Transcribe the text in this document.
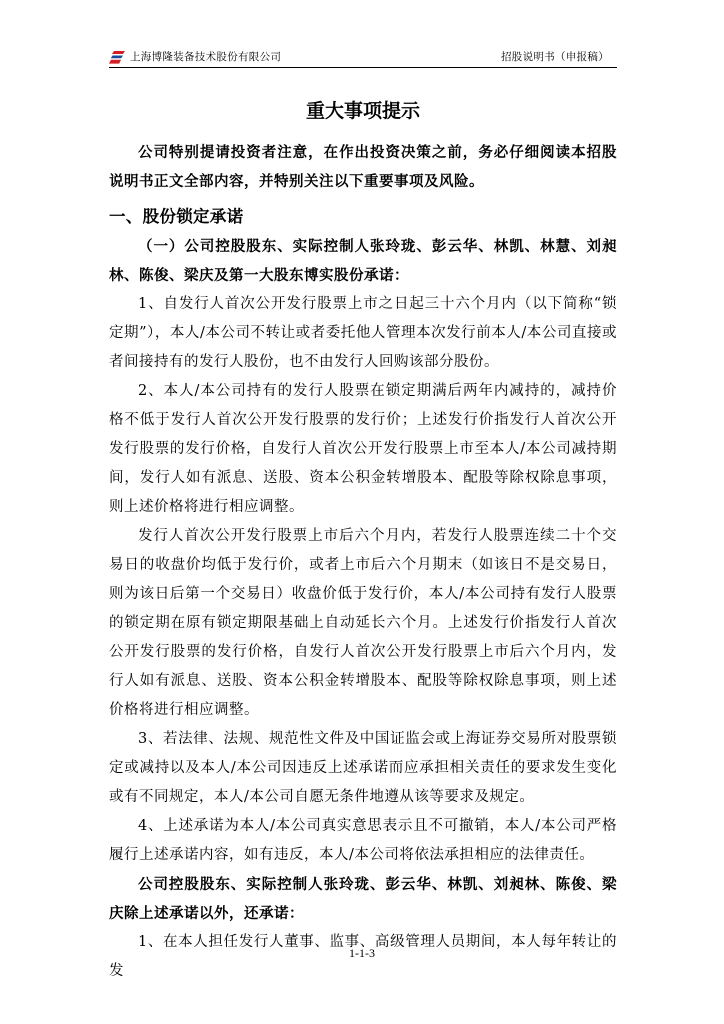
上海博隆装备技术股份有限公司	招股说明书（申报稿）
重大事项提示

公司特别提请投资者注意，在作出投资决策之前，务必仔细阅读本招股说明书正文全部内容，并特别关注以下重要事项及风险。

一、股份锁定承诺

（一）公司控股股东、实际控制人张玲珑、彭云华、林凯、林慧、刘昶林、陈俊、梁庆及第一大股东博实股份承诺：

1、自发行人首次公开发行股票上市之日起三十六个月内（以下简称“锁定期”），本人/本公司不转让或者委托他人管理本次发行前本人/本公司直接或者间接持有的发行人股份，也不由发行人回购该部分股份。

2、本人/本公司持有的发行人股票在锁定期满后两年内减持的，减持价格不低于发行人首次公开发行股票的发行价；上述发行价指发行人首次公开发行股票的发行价格，自发行人首次公开发行股票上市至本人/本公司减持期间，发行人如有派息、送股、资本公积金转增股本、配股等除权除息事项，则上述价格将进行相应调整。

发行人首次公开发行股票上市后六个月内，若发行人股票连续二十个交易日的收盘价均低于发行价，或者上市后六个月期末（如该日不是交易日，则为该日后第一个交易日）收盘价低于发行价，本人/本公司持有发行人股票的锁定期在原有锁定期限基础上自动延长六个月。上述发行价指发行人首次公开发行股票的发行价格，自发行人首次公开发行股票上市后六个月内，发行人如有派息、送股、资本公积金转增股本、配股等除权除息事项，则上述价格将进行相应调整。

3、若法律、法规、规范性文件及中国证监会或上海证券交易所对股票锁定或减持以及本人/本公司因违反上述承诺而应承担相关责任的要求发生变化或有不同规定，本人/本公司自愿无条件地遵从该等要求及规定。

4、上述承诺为本人/本公司真实意思表示且不可撤销，本人/本公司严格履行上述承诺内容，如有违反，本人/本公司将依法承担相应的法律责任。

公司控股股东、实际控制人张玲珑、彭云华、林凯、刘昶林、陈俊、梁庆除上述承诺以外，还承诺：

1、在本人担任发行人董事、监事、高级管理人员期间，本人每年转让的发

1-1-3
